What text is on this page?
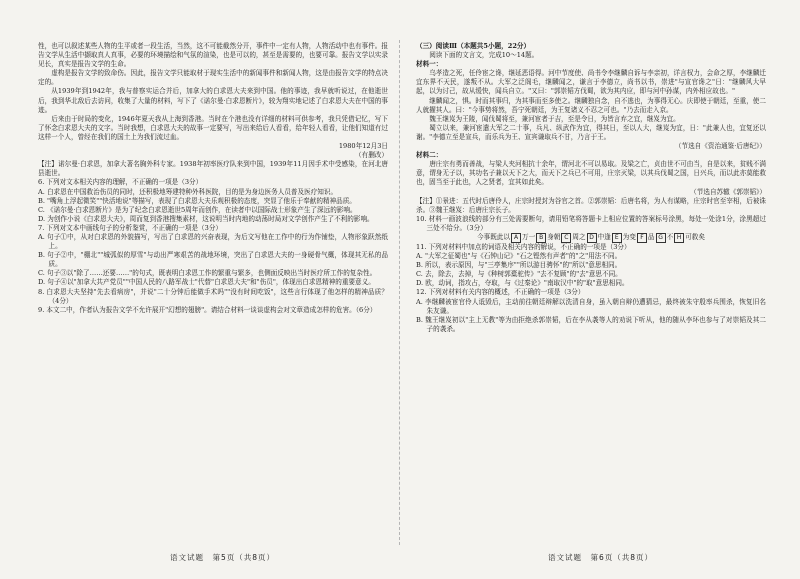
性，也可以叙述某些人物的生平或者一段生活，当然，这不可能截然分开，事件中一定有人物，人物活动中也有事件。报告文学从生活中撷取真人真事，必要的环境描绘和气氛的渲染，也是可以的，甚至是需要的，也要可靠。报告文学以实录见长，真实是报告文学的生命。

虚构是报告文学的致命伤。因此，报告文学只能取材于现实生活中的新闻事件和新闻人物，这是由报告文学的特点决定的。

从1939年到1942年，我与普察实运合并后，加拿大的白求恩大夫来到中国。他的事迹，我早就听说过，在他逝世后，我到华北敌后去访问，收集了大量的材料，写下了《诺尔曼·白求恩断片》，较为翔实地记述了白求恩大夫在中国的事迹。

后来由于时局的变化，1946年夏天我从上海到香港。当时在个港也没有详细的材料可供参考，我只凭借记忆，写下了怀念白求恩大夫的文字。当时我想，白求恩大夫的故事一定要写，写出来给后人看看，给年轻人看看，让他们知道有过这样一个人，曾经在我们的国土上为我们流过血。

1980年12月3日

（有删改）

【注】诺尔曼·白求恩，加拿大著名胸外科专家。1938年初率医疗队来到中国，1939年11月因手术中受感染，在河北唐县逝世。

6. 下列对文本相关内容的理解，不正确的一项是（3分）

A. 白求恩在中国救治伤员的同时，还积极地筹建特种外科医院，目的是为身边医务人员普及医疗知识。

B. "嘴角上浮起微笑""快活地说"等描写，表现了白求恩大夫乐观积极的态度，突显了他乐于奉献的精神品质。

C. 《诺尔曼·白求恩断片》是为了纪念白求恩逝世5周年而创作，在读者中以国际战士形象产生了深远的影响。

D. 为创作小说《白求恩大夫》，周而复到香港搜集素材，这说明当时内地的动荡时局对文学创作产生了不利的影响。

7. 下列对文本中画线句子的分析鉴赏，不正确的一项是（3分）

A. 句子①中，从对白求恩的外貌描写，写出了白求恩的兴奋表现，为后文写他在工作中的行为作铺垫，人物形象跃然纸上。

B. 句子②中，"棚北""城弧似的厚雪"与动出严寒艰苦的战地环境，突出了白求恩大夫的一身硬骨气概，体现其无私的品质。

C. 句子③以"除了……还要……"的句式，既表明白求恩工作的繁重与繁多，也侧面反映出当时医疗所工作的复杂性。

D. 句子④以"加拿大共产党员""中国人民的八路军战士"代替"白求恩大夫"和"伤员"，体现出白求恩精神的重要意义。

8. 白求恩大夫坚持"先去看病房"，并说"二十分钟后能做手术吗""没有时间吃饭"，这些言行体现了他怎样的精神品质？（4分）

9. 本文二中，作者认为报告文学不允许展开"幻想的翅膀"。请结合材料一谈谈虚构会对文章造成怎样的危害。（6分）

（三）阅读Ⅲ（本题共5小题，22分）

阅读下面的文言文，完成10～14题。

材料一：

乌孝造之死，任伶宦之谗，继延恶语得。河中节度使、尚书令李继麟自诉与李亲初，详言权力，会命之厚，李继麟迁宜东界不天民，遂叛不从。大军之泛阁毛，继麟闻之，谦言于李德立，尚书以书，崇进"与宣官谗之"日："继麟风大早起，以为讨己，故从缓快，闻兵自立。"又曰："郭崇韬方伐蜀，欲为其内应，即与河中孙谋，内外相应故也。"

继麟闻之，惧。时而其事归，为其事而至多使之。继麟独自念，自不逃也，为事得无心。庆即使于朝廷，至重，使二人就擢其人。曰："今事势将然，吾宁死朝廷，为王复诸义不忍之可也。"乃去而走入京。

魏王继岌为王陵，闻伐蜀将至，兼河宦者于吉，至是令日，为皆言弃之宜，继岌为宜。

蜀立以来，兼河宦遣大军之二十事，兵凡、纵武作为宜，得其日，至以人大，继岌为宜，日："此兼人也，宜复还以谢。"李德立至是宣兵，而乐兵为王、宣宾谦取兵不甘，乃言于王。

（节选自《资治通鉴·后唐纪》）

材料二：

唐庄宗有勇而善战，与梁人夹河相抗十余年，谓河北不可以易取。及梁之亡，贞由世不可由当，自是以来，贫贱不满意，谓身无子以，其功名子兼以天下之大，而天下之兵已不可用，庄宗灭梁，以其兵伐蜀之国，日兴兵，而以此亦莫能救也，固当至于此也，人之贤者，宜其如此矣。

（节选自苏辙《郭崇韬》）

【注】①景进：五代时后唐伶人，庄宗时授封为谷官之首。②郭崇韬：后唐名将，为人有谋略，庄宗时官至宰相，后被诛杀。③魏王继岌：后唐庄宗长子。

10. 材料一画波浪线的部分有三处需要断句，请用铅笔将答题卡上相应位置的答案标号涂黑，每处一处涂1分，涂黑超过三处不给分。（3分）

今 事 既 此 以 A 万 一 B 身 朝 C 周 之 D 中 逢 E 为 变 F 品 G 不 H 可 救 矣

11. 下列对材料中加点的词语及相关内容的解说，不正确的一项是（3分）

A. "大军之征蜀也"与《石钟山记》"石之铿然有声者"的"之"用法不同。

B. 所以，表示原因，与"三亭集序""所以游目骋怀"的"所以"意思相同。

C. 去，除去，去掉，与《种树郭橐驼传》"去不复顾"的"去"意思不同。

D. 欧，动词，指攻占，夺取，与《过秦论》"南取汉中"的"取"意思相同。

12. 下列对材料有关内容的概述，不正确的一项是（3分）

A. 李继麟被宦官伶人诋毁后，主动前往朝廷辩解以洗清自身，虽入朝自辩仍遭猜忌，最终被朱守殷率兵围杀，恢复旧名朱友谦。

B. 魏王继岌初以"主上无教"等为由拒绝杀郭崇韬，后在李从袭等人的劝说下听从，他的随从李环也参与了对崇韬及其二子的袭杀。

语文试题　第5页（共8页）	语文试题　第6页（共8页）
